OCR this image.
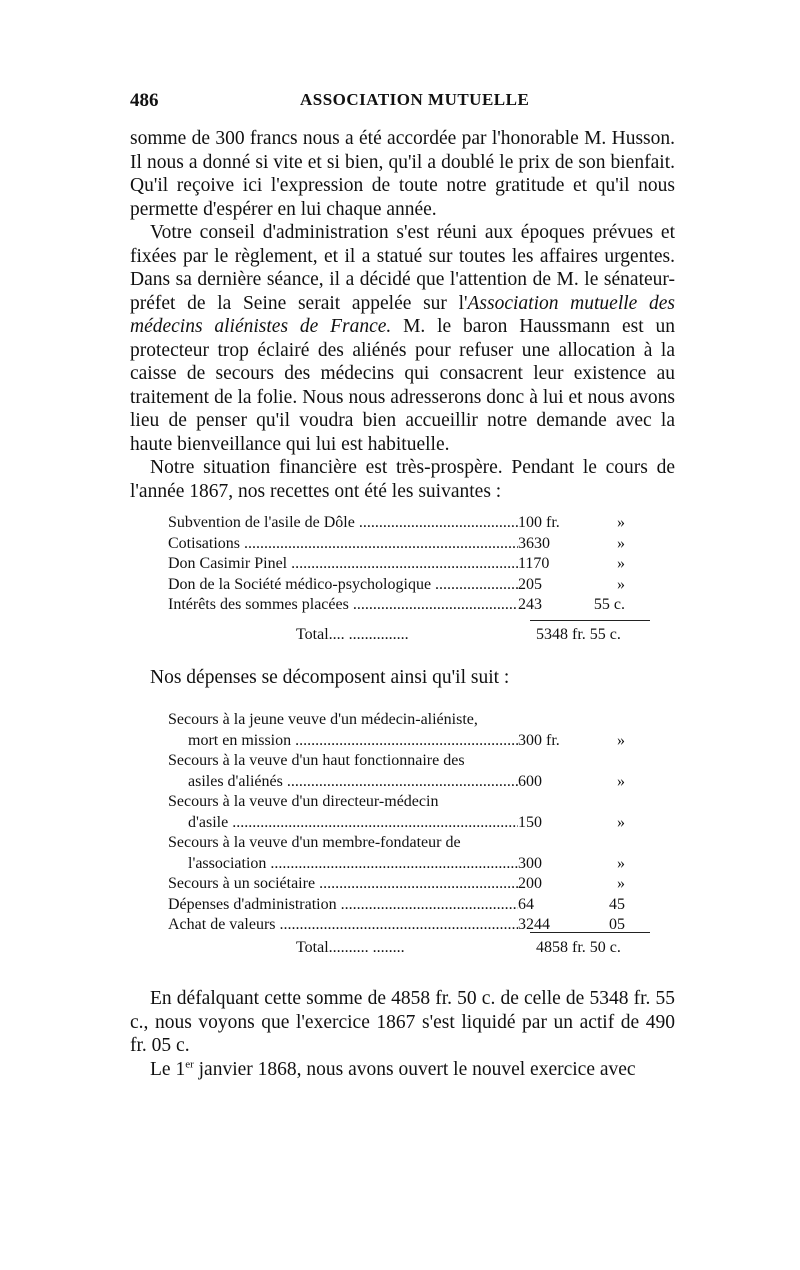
486	ASSOCIATION MUTUELLE

somme de 300 francs nous a été accordée par l'honorable M. Husson. Il nous a donné si vite et si bien, qu'il a doublé le prix de son bienfait. Qu'il reçoive ici l'expression de toute notre gratitude et qu'il nous permette d'espérer en lui chaque année.

Votre conseil d'administration s'est réuni aux époques prévues et fixées par le règlement, et il a statué sur toutes les affaires urgentes. Dans sa dernière séance, il a décidé que l'attention de M. le sénateur-préfet de la Seine serait appelée sur l'Association mutuelle des médecins aliénistes de France. M. le baron Haussmann est un protecteur trop éclairé des aliénés pour refuser une allocation à la caisse de secours des médecins qui consacrent leur existence au traitement de la folie. Nous nous adresserons donc à lui et nous avons lieu de penser qu'il voudra bien accueillir notre demande avec la haute bienveillance qui lui est habituelle.

Notre situation financière est très-prospère. Pendant le cours de l'année 1867, nos recettes ont été les suivantes :

Subvention de l'asile de Dôle .....	100 fr.	»
Cotisations .....	3630	»
Don Casimir Pinel .....	1170	»
Don de la Société médico-psychologique .....	205	»
Intérêts des sommes placées .....	243	55 c.
Total.... ...............	5348 fr. 55 c.
Nos dépenses se décomposent ainsi qu'il suit :
Secours à la jeune veuve d'un médecin-aliéniste,
mort en mission .....	300 fr.	»
Secours à la veuve d'un haut fonctionnaire des
asiles d'aliénés .....	600	»
Secours à la veuve d'un directeur-médecin
d'asile .....	150	»
Secours à la veuve d'un membre-fondateur de
l'association .....	300	»
Secours à un sociétaire .....	200	»
Dépenses d'administration .....	64	45
Achat de valeurs .....	3244	05
Total.......... ........	4858 fr. 50 c.

En défalquant cette somme de 4858 fr. 50 c. de celle de 5348 fr. 55 c., nous voyons que l'exercice 1867 s'est liquidé par un actif de 490 fr. 05 c.

Le 1er janvier 1868, nous avons ouvert le nouvel exercice avec
